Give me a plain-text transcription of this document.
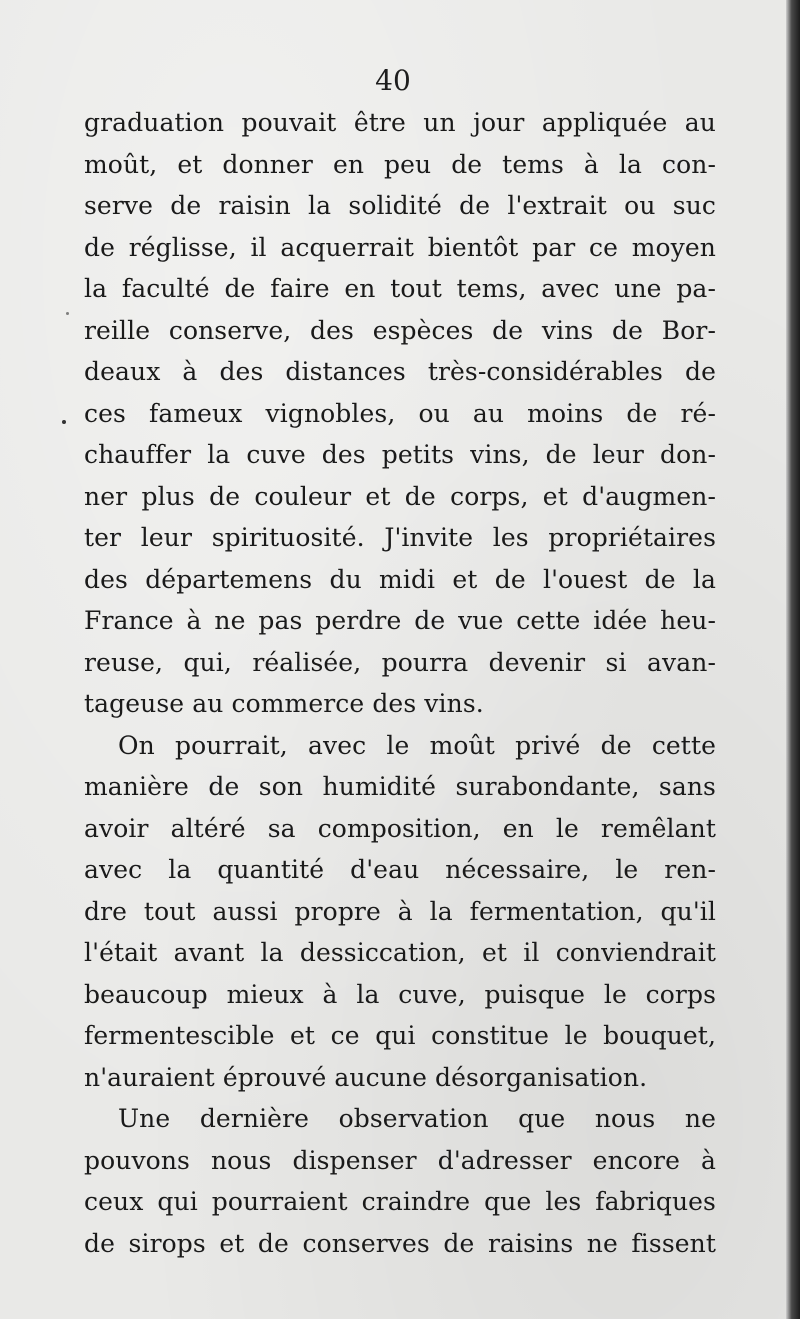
40
graduation pouvait être un jour appliquée au
moût, et donner en peu de tems à la con-
serve de raisin la solidité de l'extrait ou suc
de réglisse, il acquerrait bientôt par ce moyen
la faculté de faire en tout tems, avec une pa-
reille conserve, des espèces de vins de Bor-
deaux à des distances très-considérables de
ces fameux vignobles, ou au moins de ré-
chauffer la cuve des petits vins, de leur don-
ner plus de couleur et de corps, et d'augmen-
ter leur spirituosité. J'invite les propriétaires
des départemens du midi et de l'ouest de la
France à ne pas perdre de vue cette idée heu-
reuse, qui, réalisée, pourra devenir si avan-
tageuse au commerce des vins.
On pourrait, avec le moût privé de cette
manière de son humidité surabondante, sans
avoir altéré sa composition, en le remêlant
avec la quantité d'eau nécessaire, le ren-
dre tout aussi propre à la fermentation, qu'il
l'était avant la dessiccation, et il conviendrait
beaucoup mieux à la cuve, puisque le corps
fermentescible et ce qui constitue le bouquet,
n'auraient éprouvé aucune désorganisation.
Une dernière observation que nous ne
pouvons nous dispenser d'adresser encore à
ceux qui pourraient craindre que les fabriques
de sirops et de conserves de raisins ne fissent
